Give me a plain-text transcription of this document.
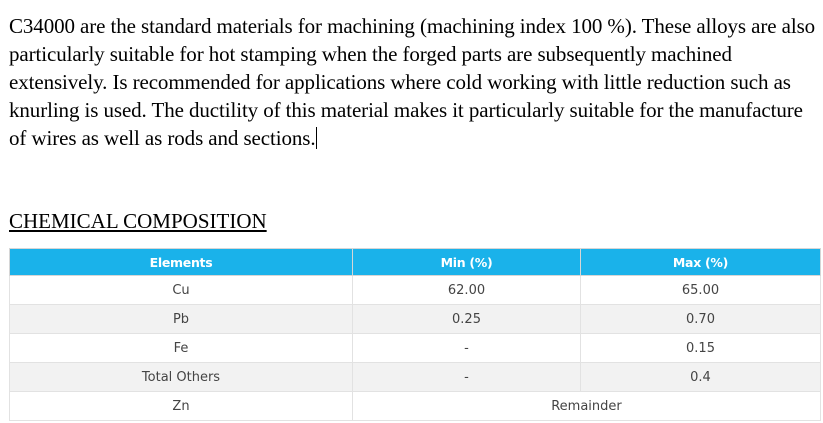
C34000 are the standard materials for machining (machining index 100 %). These alloys are also particularly suitable for hot stamping when the forged parts are subsequently machined extensively. Is recommended for applications where cold working with little reduction such as knurling is used. The ductility of this material makes it particularly suitable for the manufacture of wires as well as rods and sections.

CHEMICAL COMPOSITION
Elements	Min (%)	Max (%)
Cu	62.00	65.00
Pb	0.25	0.70
Fe	-	0.15
Total Others	-	0.4
Zn	Remainder	
